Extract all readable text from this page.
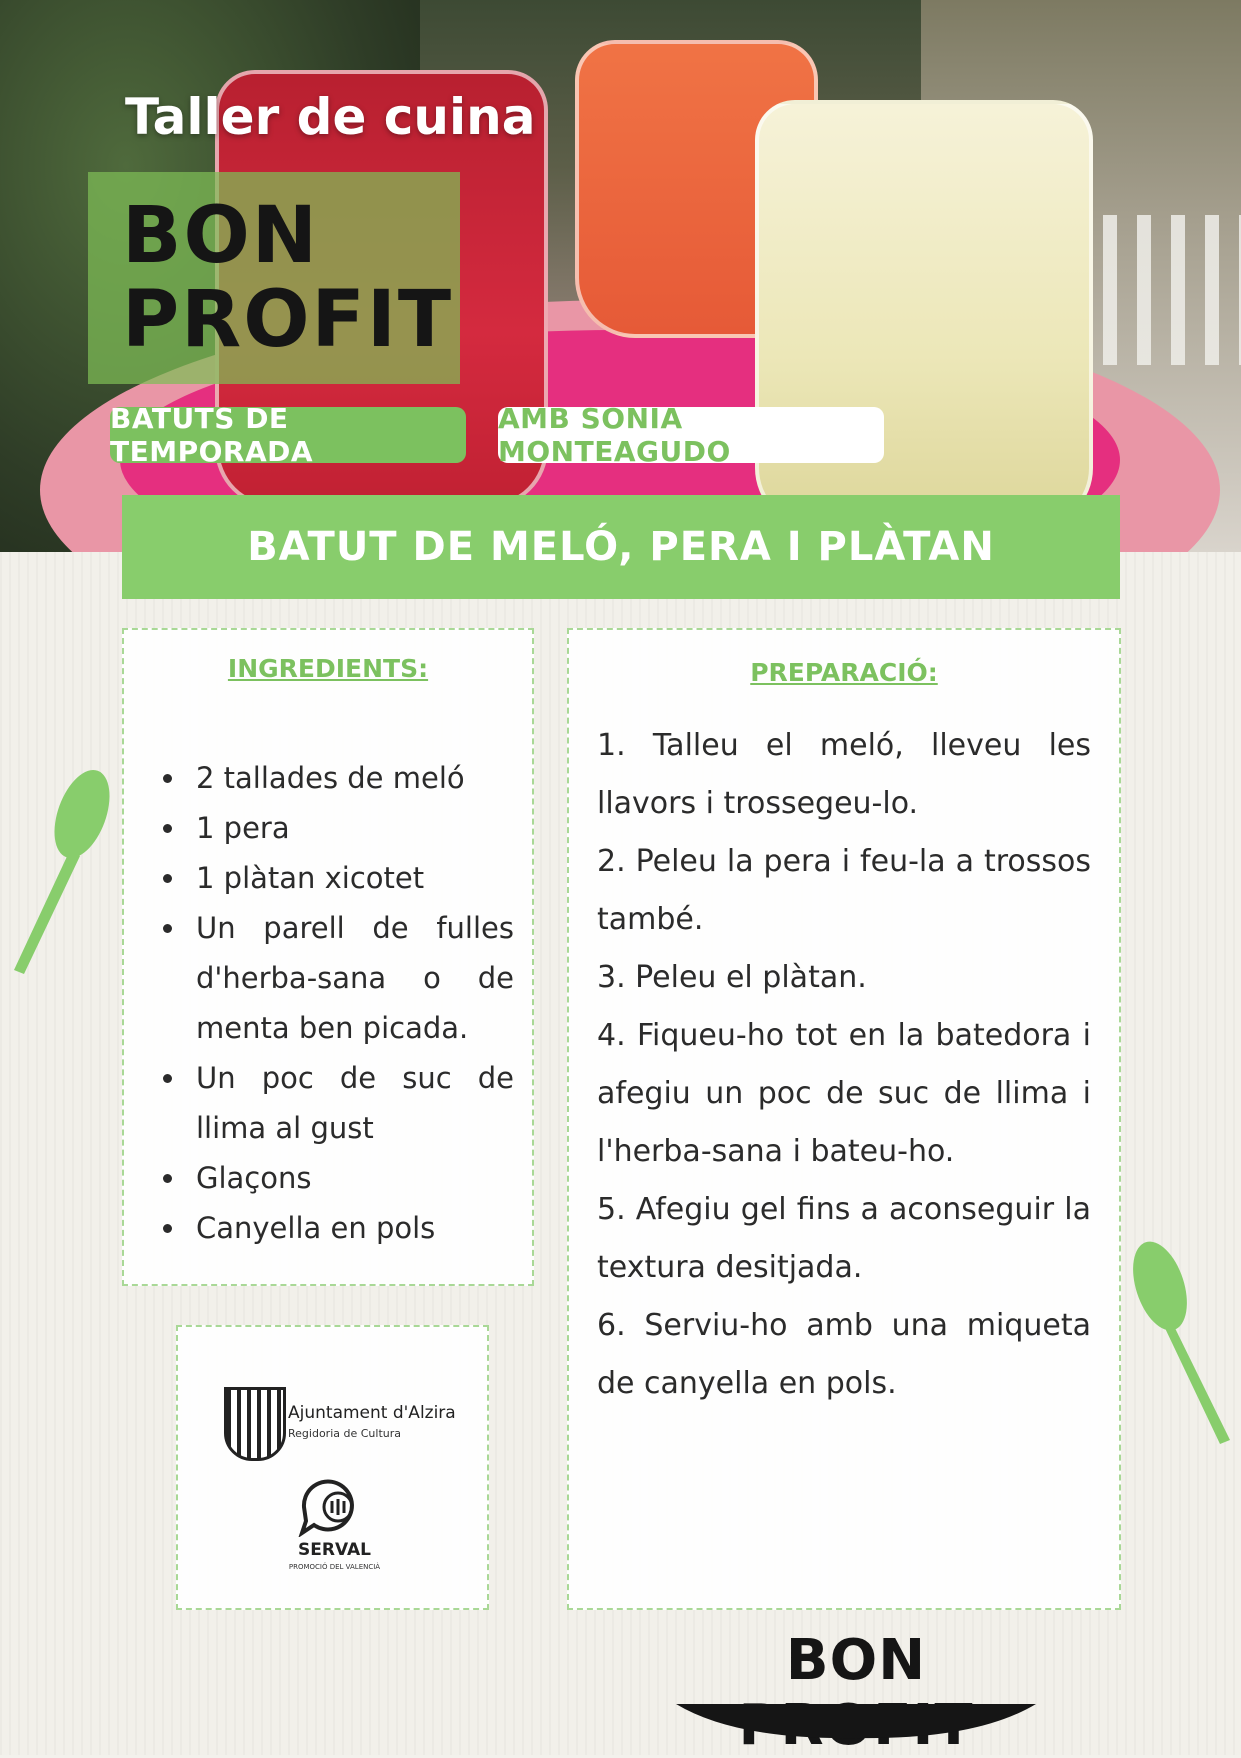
Taller de cuina
BON
PROFIT
BATUTS DE TEMPORADA
AMB SONIA MONTEAGUDO
BATUT DE MELÓ, PERA I PLÀTAN
INGREDIENTS:
• 2 tallades de meló
• 1 pera
• 1 plàtan xicotet
• Un parell de fulles d'herba-sana o de menta ben picada.
• Un poc de suc de llima al gust
• Glaçons
• Canyella en pols
PREPARACIÓ:

1. Talleu el meló, lleveu les llavors i trossegeu-lo.

2. Peleu la pera i feu-la a trossos també.

3. Peleu el plàtan.

4. Fiqueu-ho tot en la batedora i afegiu un poc de suc de llima i l'herba-sana i bateu-ho.

5. Afegiu gel fins a aconseguir la textura desitjada.

6. Serviu-ho amb una miqueta de canyella en pols.

Ajuntament d'Alzira
Regidoria de Cultura
SERVAL
PROMOCIÓ DEL VALENCIÀ
BON
